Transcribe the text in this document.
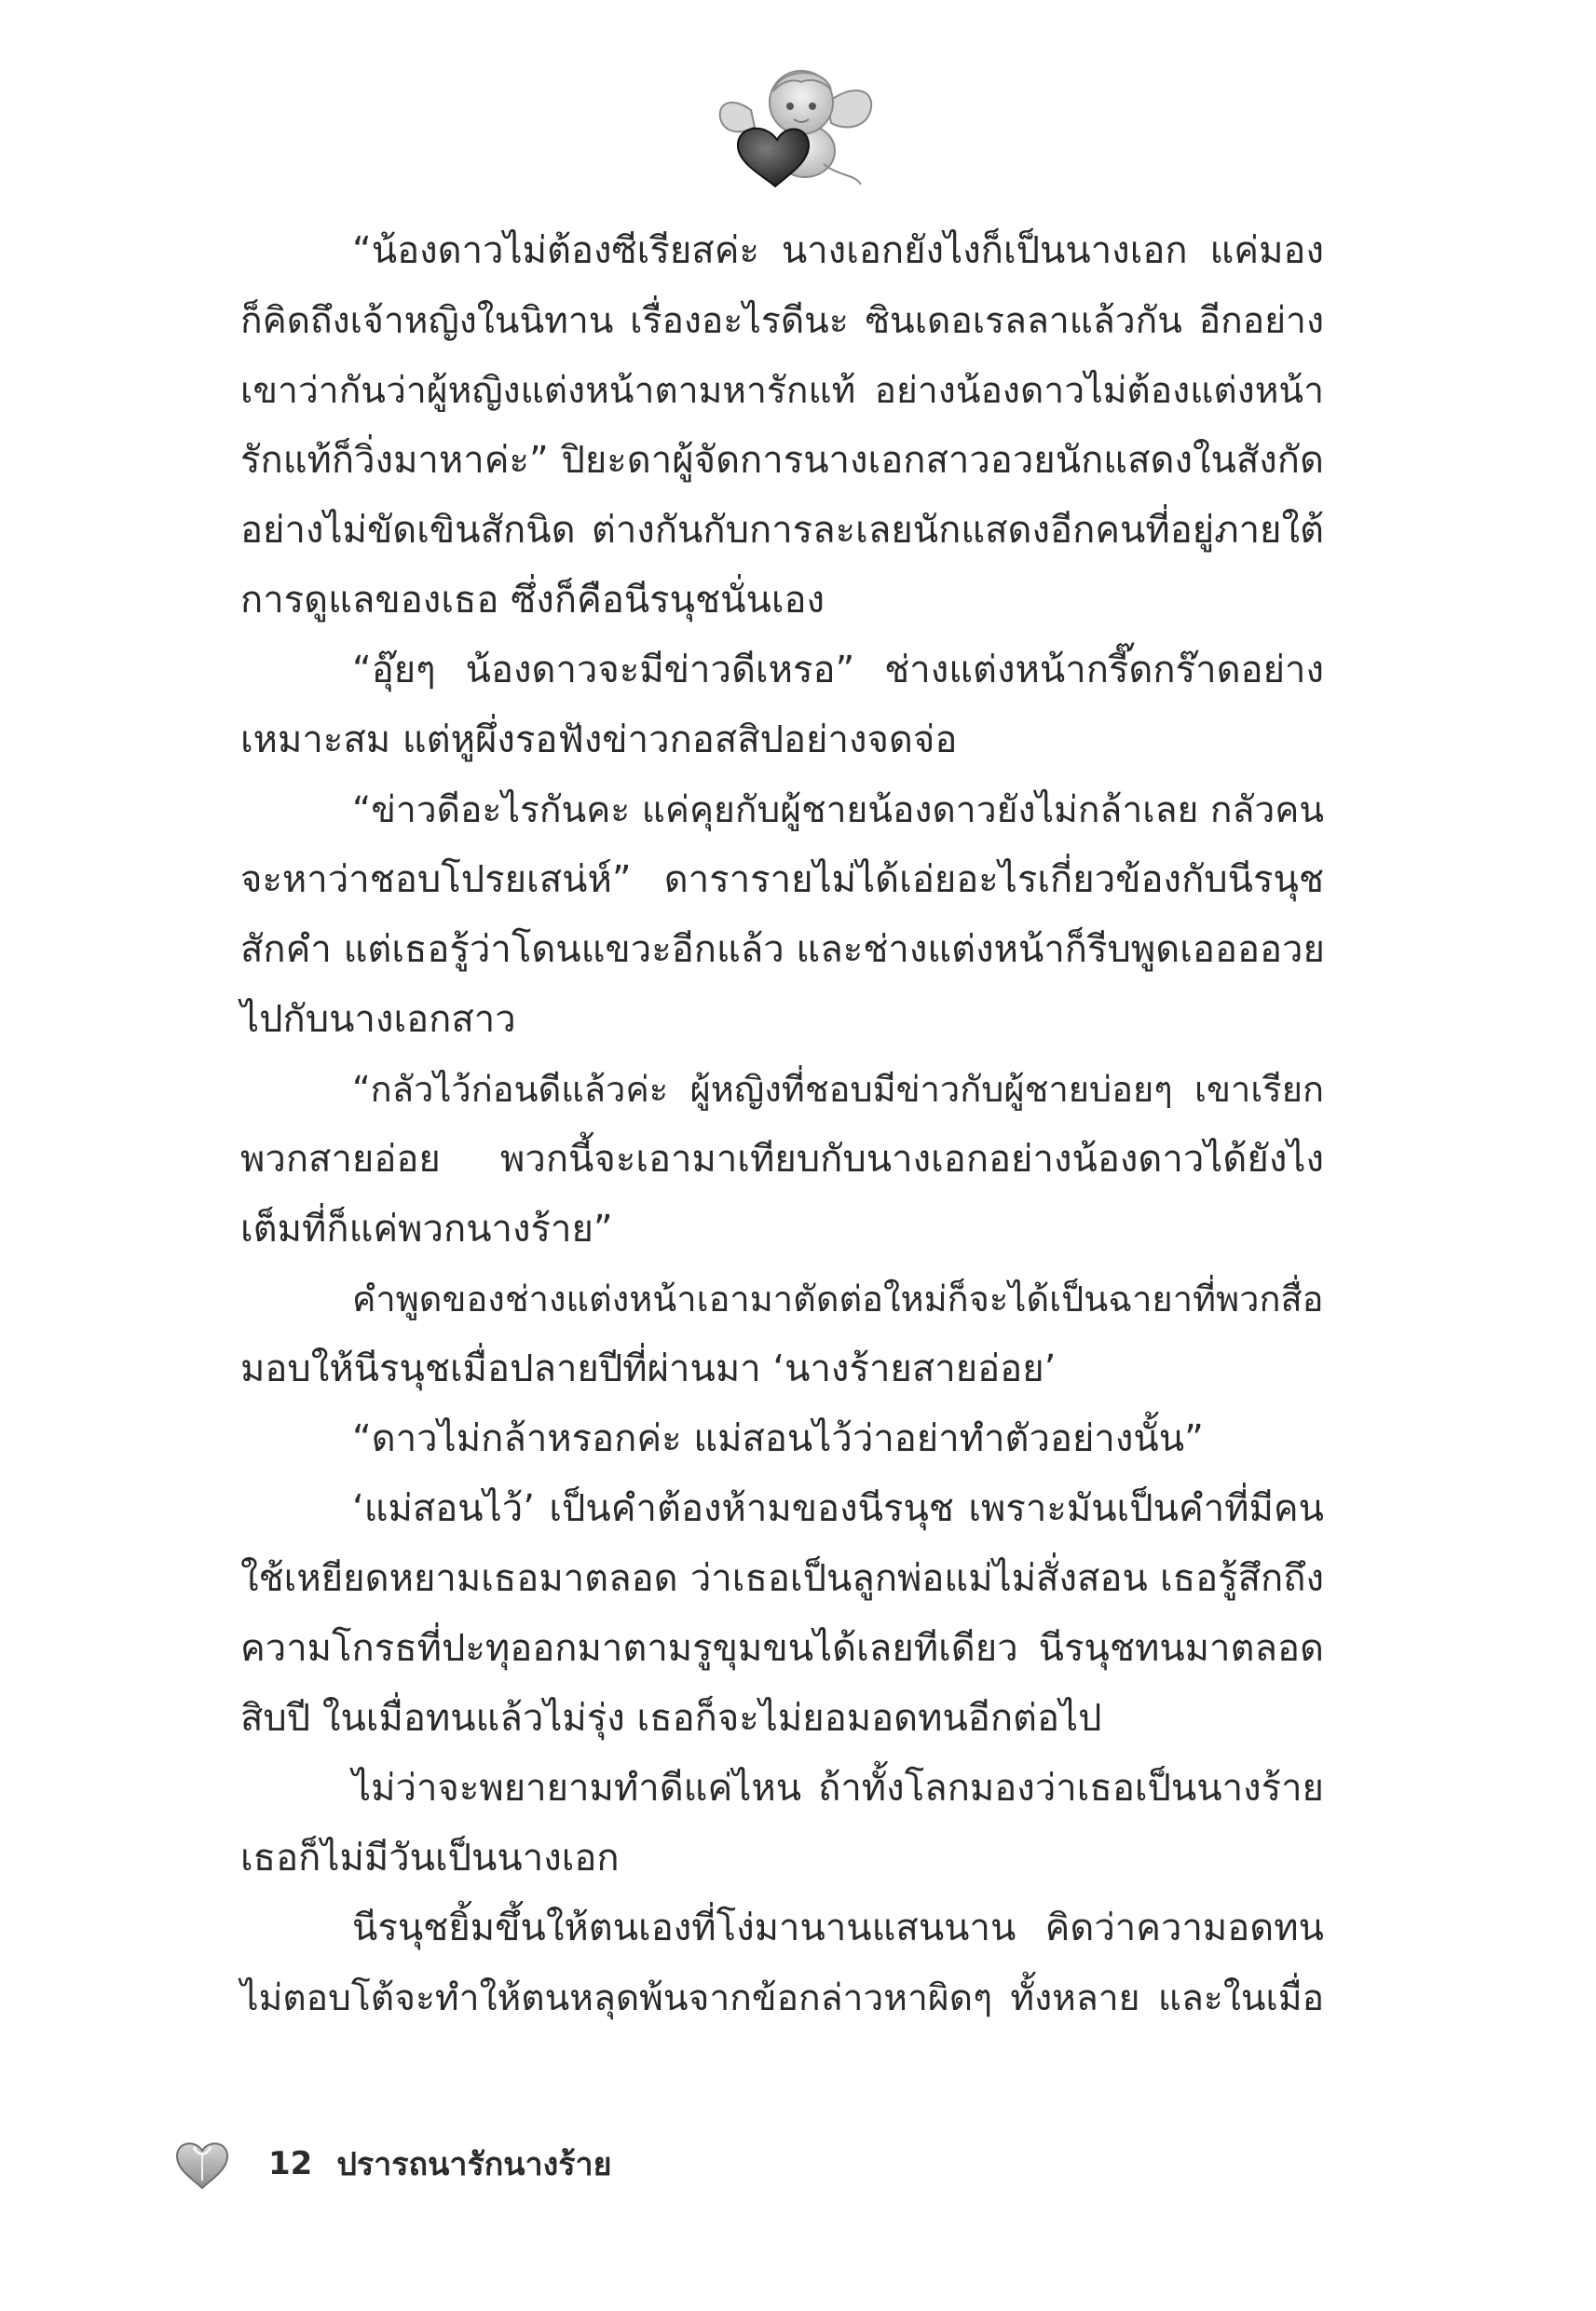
“น้องดาวไม่ต้องซีเรียสค่ะ นางเอกยังไงก็เป็นนางเอก แค่มอง
ก็คิดถึงเจ้าหญิงในนิทาน เรื่องอะไรดีนะ ซินเดอเรลลาแล้วกัน อีกอย่าง
เขาว่ากันว่าผู้หญิงแต่งหน้าตามหารักแท้ อย่างน้องดาวไม่ต้องแต่งหน้า
รักแท้ก็วิ่งมาหาค่ะ” ปิยะดาผู้จัดการนางเอกสาวอวยนักแสดงในสังกัด
อย่างไม่ขัดเขินสักนิด ต่างกันกับการละเลยนักแสดงอีกคนที่อยู่ภายใต้
การดูแลของเธอ ซึ่งก็คือนีรนุชนั่นเอง
“อุ๊ยๆ น้องดาวจะมีข่าวดีเหรอ” ช่างแต่งหน้ากรี๊ดกร๊าดอย่าง
เหมาะสม แต่หูผึ่งรอฟังข่าวกอสสิปอย่างจดจ่อ
“ข่าวดีอะไรกันคะ แค่คุยกับผู้ชายน้องดาวยังไม่กล้าเลย กลัวคน
จะหาว่าชอบโปรยเสน่ห์” ดารารายไม่ได้เอ่ยอะไรเกี่ยวข้องกับนีรนุช
สักคำ แต่เธอรู้ว่าโดนแขวะอีกแล้ว และช่างแต่งหน้าก็รีบพูดเออออวย
ไปกับนางเอกสาว
“กลัวไว้ก่อนดีแล้วค่ะ ผู้หญิงที่ชอบมีข่าวกับผู้ชายบ่อยๆ เขาเรียก
พวกสายอ่อย พวกนี้จะเอามาเทียบกับนางเอกอย่างน้องดาวได้ยังไง
เต็มที่ก็แค่พวกนางร้าย”
คำพูดของช่างแต่งหน้าเอามาตัดต่อใหม่ก็จะได้เป็นฉายาที่พวกสื่อ
มอบให้นีรนุชเมื่อปลายปีที่ผ่านมา ‘นางร้ายสายอ่อย’
“ดาวไม่กล้าหรอกค่ะ แม่สอนไว้ว่าอย่าทำตัวอย่างนั้น”
‘แม่สอนไว้’ เป็นคำต้องห้ามของนีรนุช เพราะมันเป็นคำที่มีคน
ใช้เหยียดหยามเธอมาตลอด ว่าเธอเป็นลูกพ่อแม่ไม่สั่งสอน เธอรู้สึกถึง
ความโกรธที่ปะทุออกมาตามรูขุมขนได้เลยทีเดียว นีรนุชทนมาตลอด
สิบปี ในเมื่อทนแล้วไม่รุ่ง เธอก็จะไม่ยอมอดทนอีกต่อไป
ไม่ว่าจะพยายามทำดีแค่ไหน ถ้าทั้งโลกมองว่าเธอเป็นนางร้าย
เธอก็ไม่มีวันเป็นนางเอก
นีรนุชยิ้มขึ้นให้ตนเองที่โง่มานานแสนนาน คิดว่าความอดทน
ไม่ตอบโต้จะทำให้ตนหลุดพ้นจากข้อกล่าวหาผิดๆ ทั้งหลาย และในเมื่อ
12 ปรารถนารักนางร้าย
